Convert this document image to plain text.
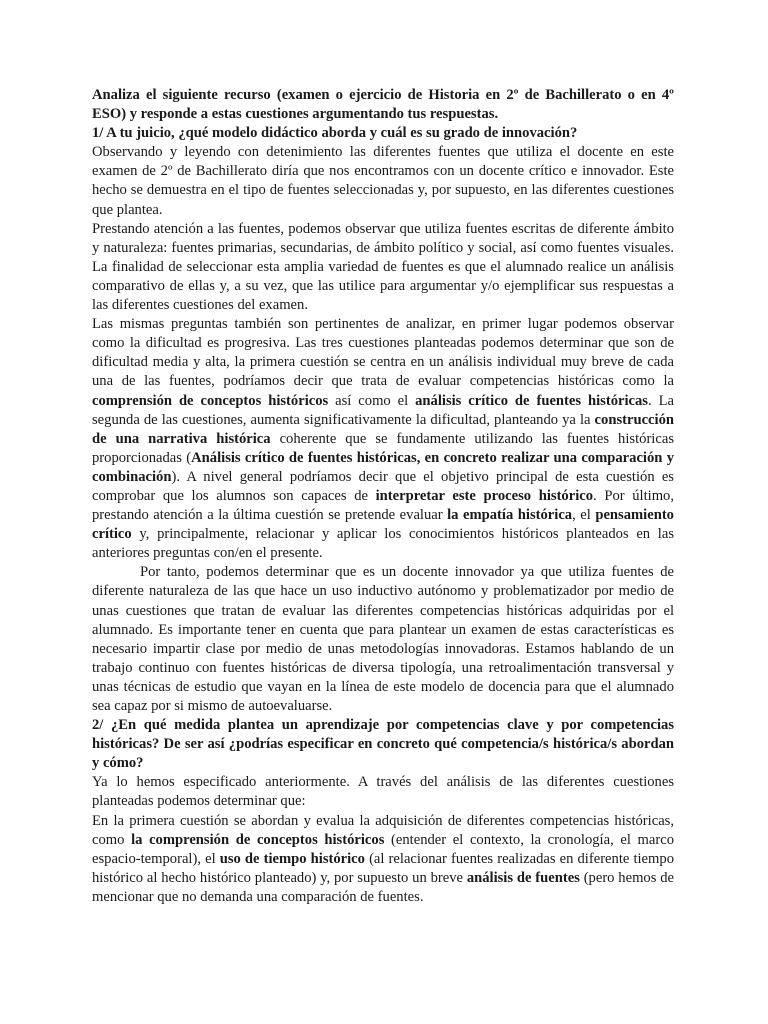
Analiza el siguiente recurso (examen o ejercicio de Historia en 2º de Bachillerato o en 4º ESO) y responde a estas cuestiones argumentando tus respuestas.

1/ A tu juicio, ¿qué modelo didáctico aborda y cuál es su grado de innovación?

Observando y leyendo con detenimiento las diferentes fuentes que utiliza el docente en este examen de 2º de Bachillerato diría que nos encontramos con un docente crítico e innovador. Este hecho se demuestra en el tipo de fuentes seleccionadas y, por supuesto, en las diferentes cuestiones que plantea.

Prestando atención a las fuentes, podemos observar que utiliza fuentes escritas de diferente ámbito y naturaleza: fuentes primarias, secundarias, de ámbito político y social, así como fuentes visuales. La finalidad de seleccionar esta amplia variedad de fuentes es que el alumnado realice un análisis comparativo de ellas y, a su vez, que las utilice para argumentar y/o ejemplificar sus respuestas a las diferentes cuestiones del examen.

Las mismas preguntas también son pertinentes de analizar, en primer lugar podemos observar como la dificultad es progresiva. Las tres cuestiones planteadas podemos determinar que son de dificultad media y alta, la primera cuestión se centra en un análisis individual muy breve de cada una de las fuentes, podríamos decir que trata de evaluar competencias históricas como la comprensión de conceptos históricos así como el análisis crítico de fuentes históricas. La segunda de las cuestiones, aumenta significativamente la dificultad, planteando ya la construcción de una narrativa histórica coherente que se fundamente utilizando las fuentes históricas proporcionadas (Análisis crítico de fuentes históricas, en concreto realizar una comparación y combinación). A nivel general podríamos decir que el objetivo principal de esta cuestión es comprobar que los alumnos son capaces de interpretar este proceso histórico. Por último, prestando atención a la última cuestión se pretende evaluar la empatía histórica, el pensamiento crítico y, principalmente, relacionar y aplicar los conocimientos históricos planteados en las anteriores preguntas con/en el presente.

Por tanto, podemos determinar que es un docente innovador ya que utiliza fuentes de diferente naturaleza de las que hace un uso inductivo autónomo y problematizador por medio de unas cuestiones que tratan de evaluar las diferentes competencias históricas adquiridas por el alumnado. Es importante tener en cuenta que para plantear un examen de estas características es necesario impartir clase por medio de unas metodologías innovadoras. Estamos hablando de un trabajo continuo con fuentes históricas de diversa tipología, una retroalimentación transversal y unas técnicas de estudio que vayan en la línea de este modelo de docencia para que el alumnado sea capaz por si mismo de autoevaluarse.

2/ ¿En qué medida plantea un aprendizaje por competencias clave y por competencias históricas? De ser así ¿podrías especificar en concreto qué competencia/s histórica/s abordan y cómo?

Ya lo hemos especificado anteriormente. A través del análisis de las diferentes cuestiones planteadas podemos determinar que:

En la primera cuestión se abordan y evalua la adquisición de diferentes competencias históricas, como la comprensión de conceptos históricos (entender el contexto, la cronología, el marco espacio-temporal), el uso de tiempo histórico (al relacionar fuentes realizadas en diferente tiempo histórico al hecho histórico planteado) y, por supuesto un breve análisis de fuentes (pero hemos de mencionar que no demanda una comparación de fuentes.
